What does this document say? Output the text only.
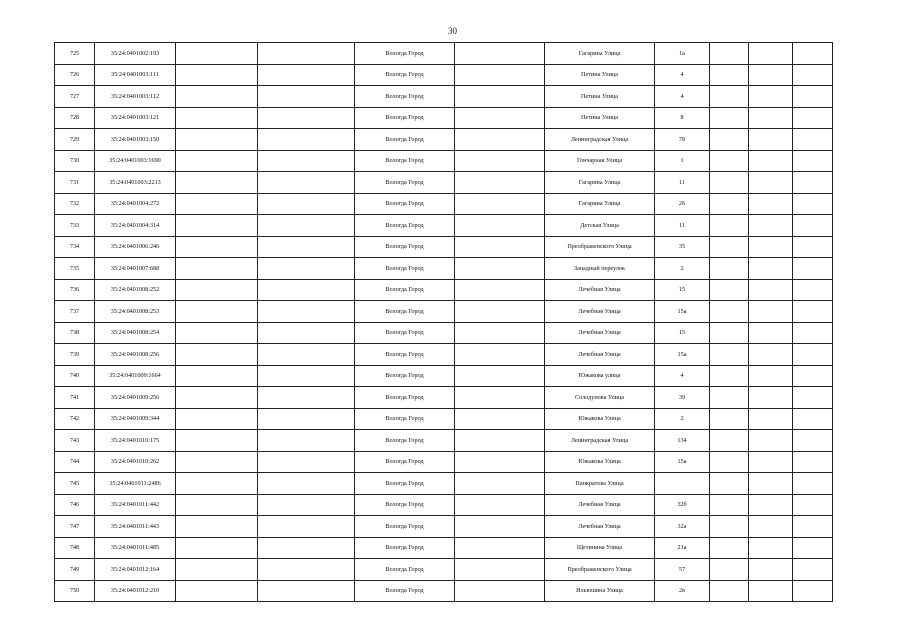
30
725	35:24:0401002:193			Вологда Город		Гагарина Улица	1а			
726	35:24:0401003:111			Вологда Город		Петина Улица	4			
727	35:24:0401003:112			Вологда Город		Петина Улица	4			
728	35:24:0401003:121			Вологда Город		Петина Улица	8			
729	35:24:0401003:150			Вологда Город		Ленинградская Улица	78			
730	35:24:0401003:1690			Вологда Город		Гончарная Улица	1			
731	35:24:0401003:2213			Вологда Город		Гагарина Улица	11			
732	35:24:0401004:272			Вологда Город		Гагарина Улица	26			
733	35:24:0401004:314			Вологда Город		Детская Улица	11			
734	35:24:0401006:246			Вологда Город		Преображенского Улица	35			
735	35:24:0401007:688			Вологда Город		Западный переулок	2			
736	35:24:0401008:252			Вологда Город		Лечебная Улица	15			
737	35:24:0401008:253			Вологда Город		Лечебная Улица	15а			
738	35:24:0401008:254			Вологда Город		Лечебная Улица	15			
739	35:24:0401008:256			Вологда Город		Лечебная Улица	15а			
740	35:24:0401009:1664			Вологда Город		Южакова улица	4			
741	35:24:0401009:256			Вологда Город		Солодунова Улица	39			
742	35:24:0401009:344			Вологда Город		Южакова Улица	2			
743	35:24:0401010:175			Вологда Город		Ленинградская Улица	134			
744	35:24:0401010:262			Вологда Город		Южакова Улица	15а			
745	35:24:0401011:2486			Вологда Город		Панкратова Улица				
746	35:24:0401011:442			Вологда Город		Лечебная Улица	32б			
747	35:24:0401011:443			Вологда Город		Лечебная Улица	32а			
748	35:24:0401011:485			Вологда Город		Щетинина Улица	21а			
749	35:24:0401012:164			Вологда Город		Преображенского Улица	57			
750	35:24:0401012:210			Вологда Город		Ильюшина Улица	2в			
